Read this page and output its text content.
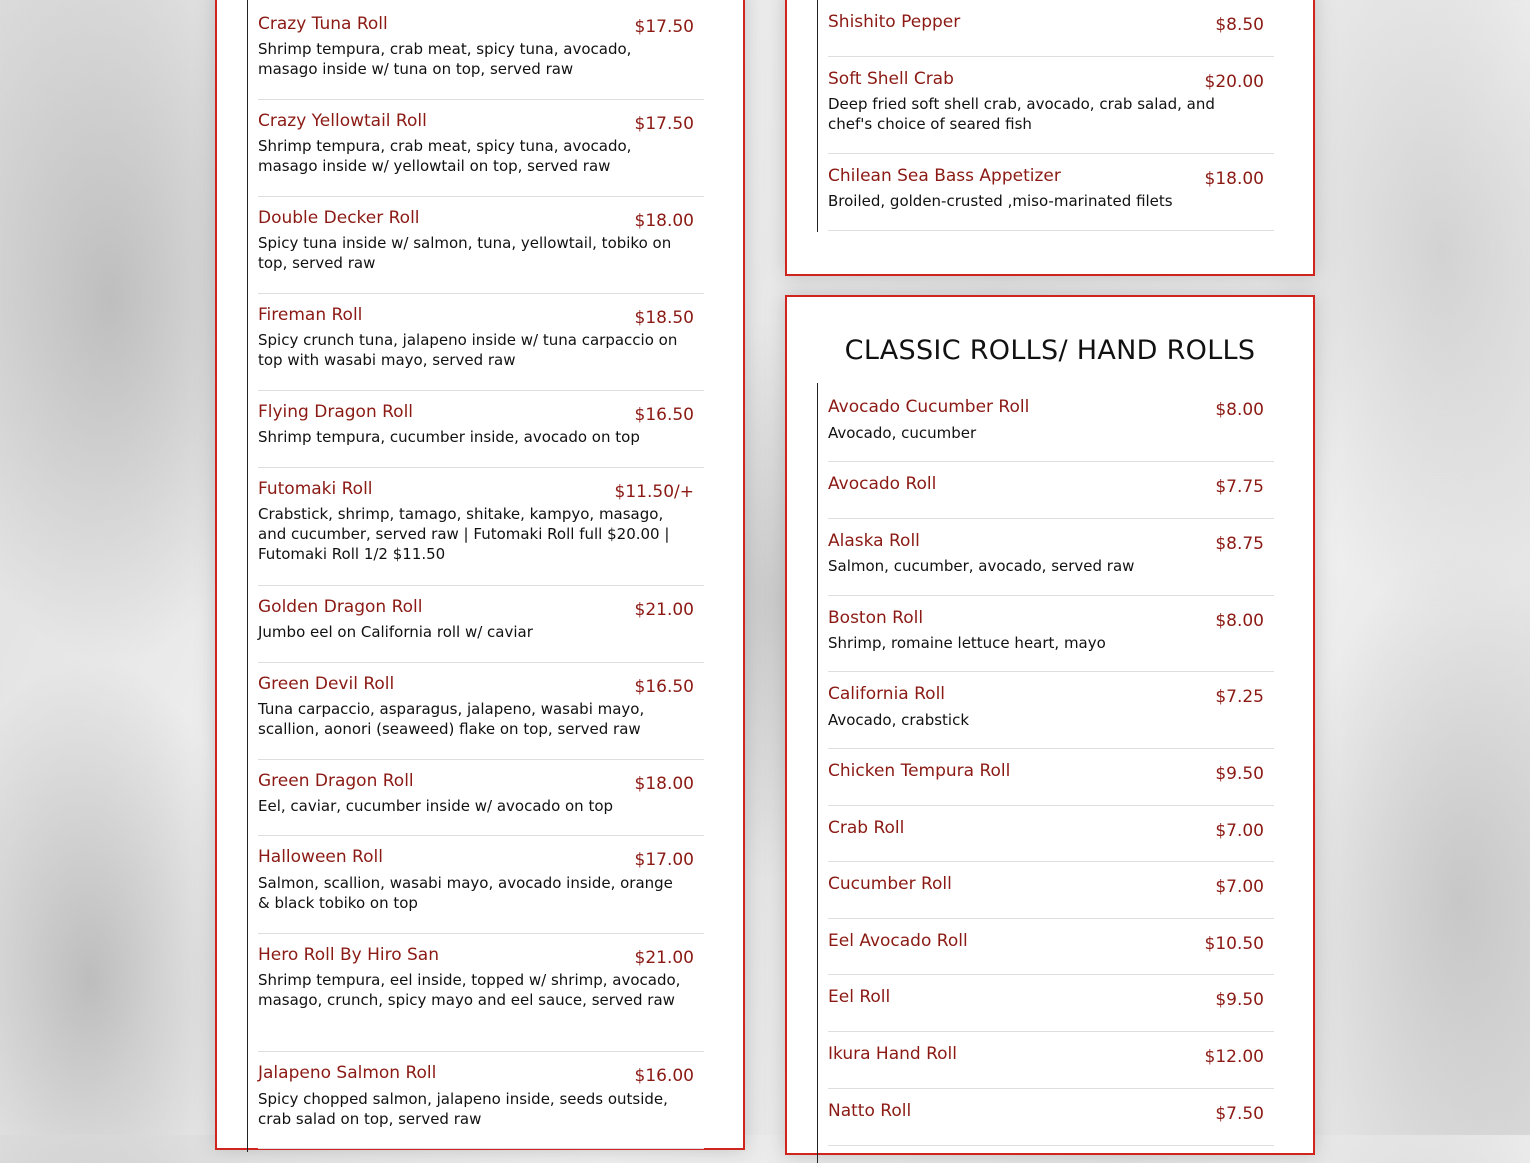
Crazy Tuna Roll	$17.50
Shrimp tempura, crab meat, spicy tuna, avocado, masago inside w/ tuna on top, served raw
Crazy Yellowtail Roll	$17.50
Shrimp tempura, crab meat, spicy tuna, avocado, masago inside w/ yellowtail on top, served raw
Double Decker Roll	$18.00
Spicy tuna inside w/ salmon, tuna, yellowtail, tobiko on top, served raw
Fireman Roll	$18.50
Spicy crunch tuna, jalapeno inside w/ tuna carpaccio on top with wasabi mayo, served raw
Flying Dragon Roll	$16.50
Shrimp tempura, cucumber inside, avocado on top
Futomaki Roll	$11.50/+
Crabstick, shrimp, tamago, shitake, kampyo, masago, and cucumber, served raw | Futomaki Roll full $20.00 | Futomaki Roll 1/2 $11.50
Golden Dragon Roll	$21.00
Jumbo eel on California roll w/ caviar
Green Devil Roll	$16.50
Tuna carpaccio, asparagus, jalapeno, wasabi mayo, scallion, aonori (seaweed) flake on top, served raw
Green Dragon Roll	$18.00
Eel, caviar, cucumber inside w/ avocado on top
Halloween Roll	$17.00
Salmon, scallion, wasabi mayo, avocado inside, orange & black tobiko on top
Hero Roll By Hiro San	$21.00
Shrimp tempura, eel inside, topped w/ shrimp, avocado, masago, crunch, spicy mayo and eel sauce, served raw
Jalapeno Salmon Roll	$16.00
Spicy chopped salmon, jalapeno inside, seeds outside, crab salad on top, served raw
Shishito Pepper	$8.50
Soft Shell Crab	$20.00
Deep fried soft shell crab, avocado, crab salad, and chef's choice of seared fish
Chilean Sea Bass Appetizer	$18.00
Broiled, golden-crusted ,miso-marinated filets
CLASSIC ROLLS/ HAND ROLLS
Avocado Cucumber Roll	$8.00
Avocado, cucumber
Avocado Roll	$7.75
Alaska Roll	$8.75
Salmon, cucumber, avocado, served raw
Boston Roll	$8.00
Shrimp, romaine lettuce heart, mayo
California Roll	$7.25
Avocado, crabstick
Chicken Tempura Roll	$9.50
Crab Roll	$7.00
Cucumber Roll	$7.00
Eel Avocado Roll	$10.50
Eel Roll	$9.50
Ikura Hand Roll	$12.00
Natto Roll	$7.50
